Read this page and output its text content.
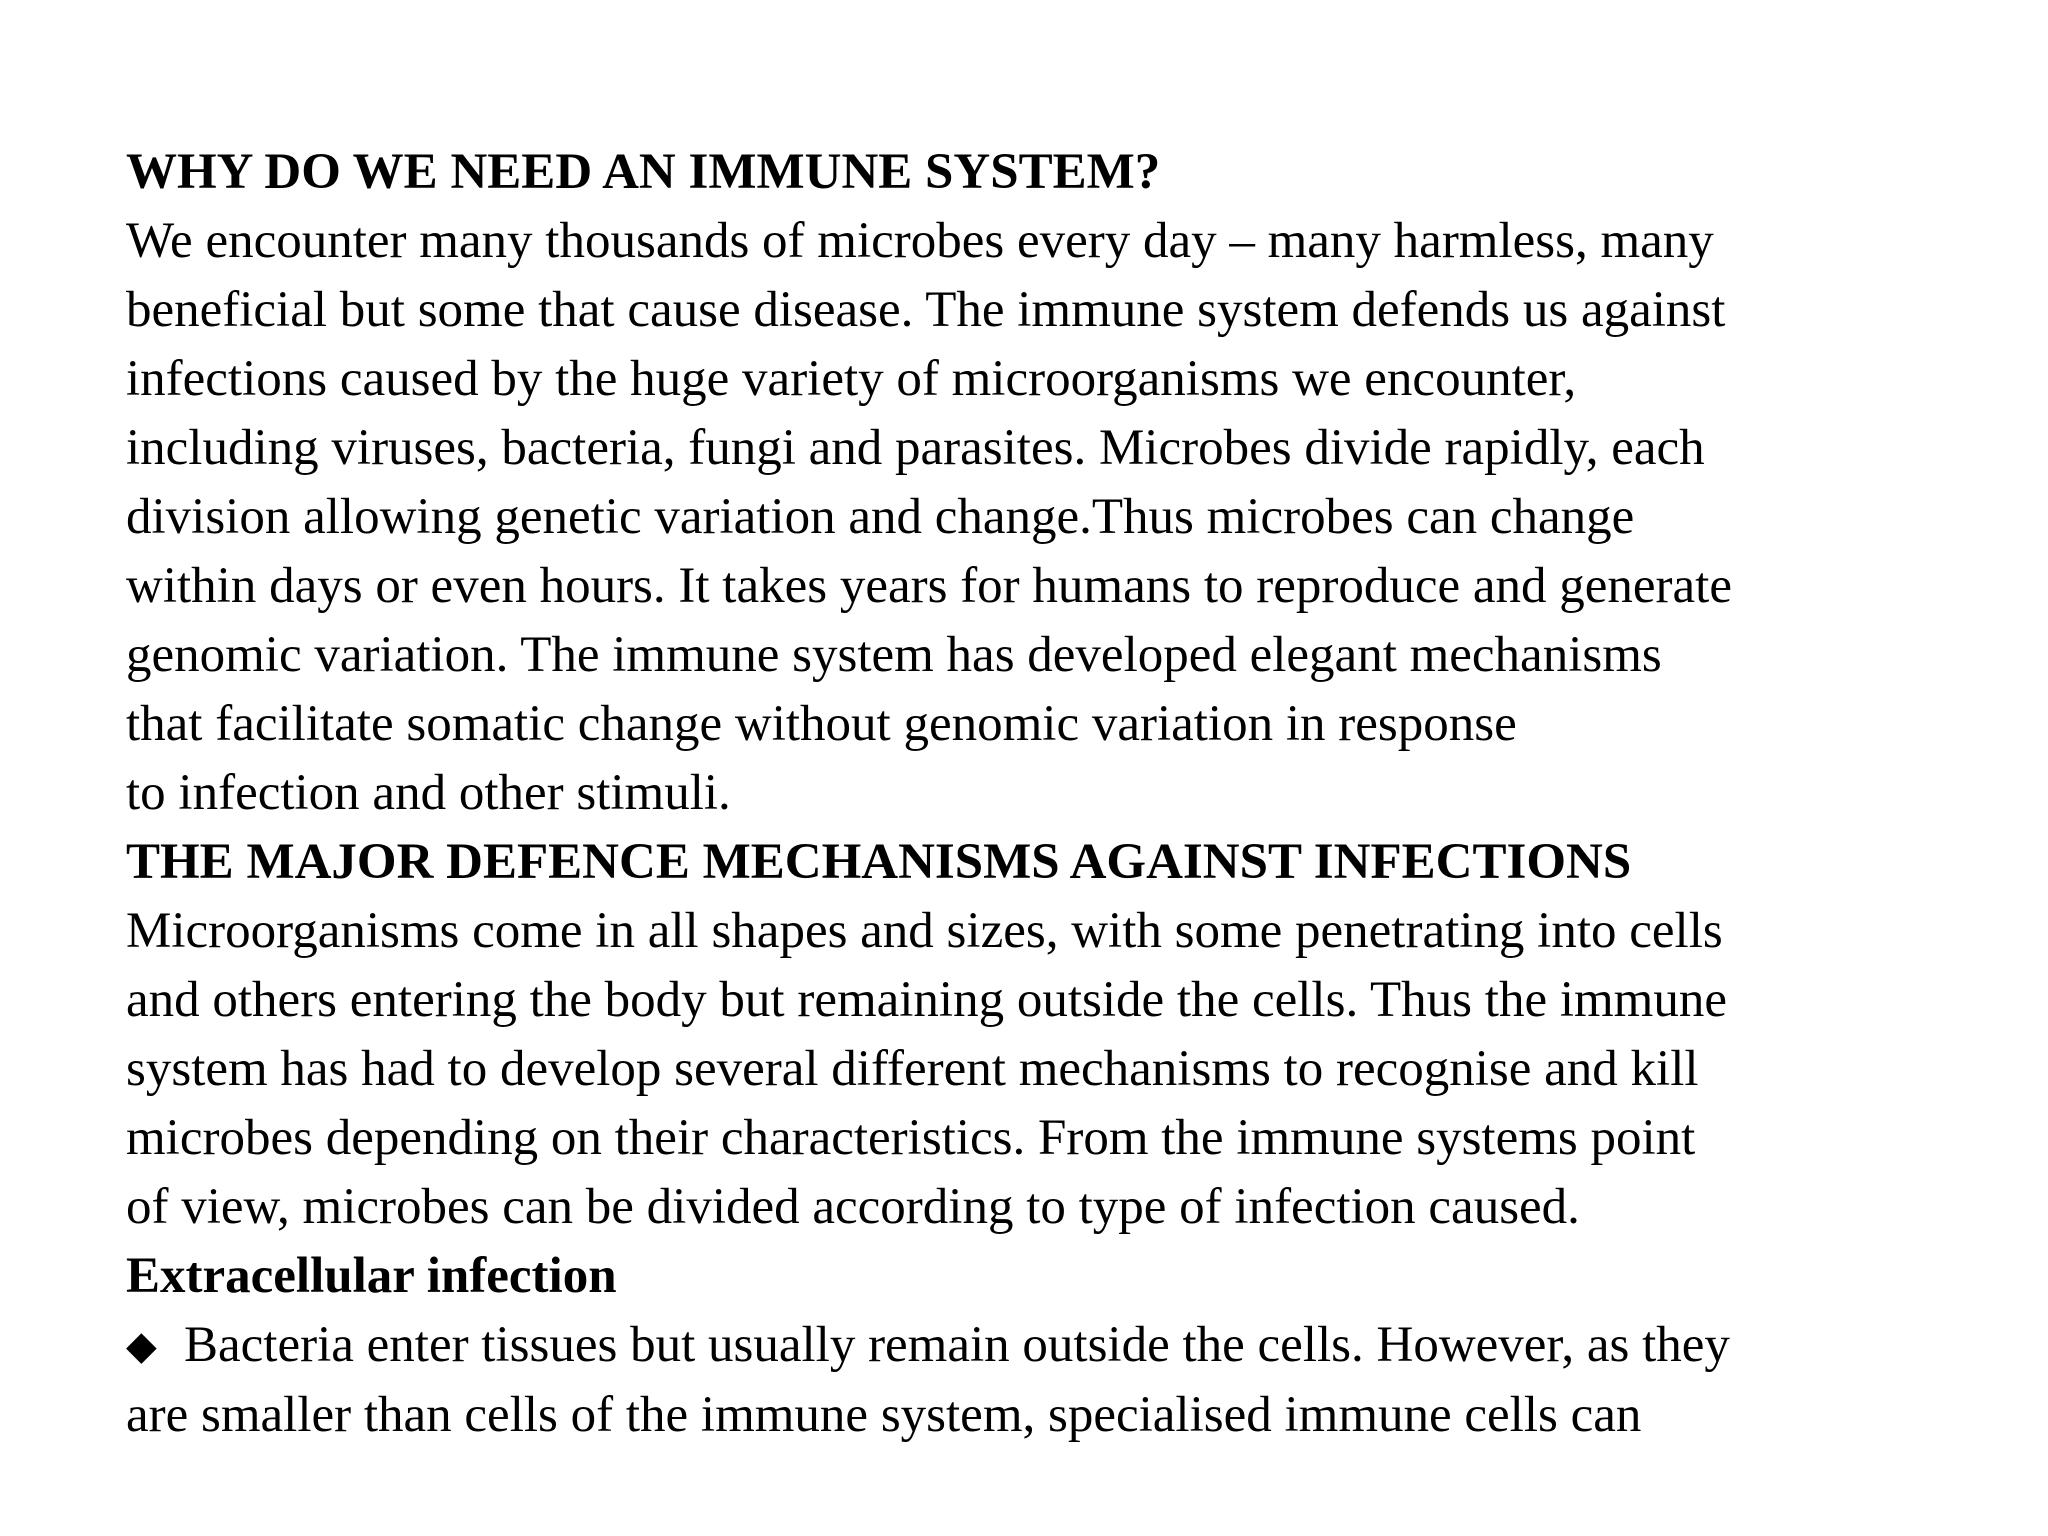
WHY DO WE NEED AN IMMUNE SYSTEM?
We encounter many thousands of microbes every day – many harmless, many
beneficial but some that cause disease. The immune system defends us against
infections caused by the huge variety of microorganisms we encounter,
including viruses, bacteria, fungi and parasites. Microbes divide rapidly, each
division allowing genetic variation and change.Thus microbes can change
within days or even hours. It takes years for humans to reproduce and generate
genomic variation. The immune system has developed elegant mechanisms
that facilitate somatic change without genomic variation in response
to infection and other stimuli.
THE MAJOR DEFENCE MECHANISMS AGAINST INFECTIONS
Microorganisms come in all shapes and sizes, with some penetrating into cells
and others entering the body but remaining outside the cells. Thus the immune
system has had to develop several different mechanisms to recognise and kill
microbes depending on their characteristics. From the immune systems point
of view, microbes can be divided according to type of infection caused.
Extracellular infection
◆ Bacteria enter tissues but usually remain outside the cells. However, as they
are smaller than cells of the immune system, specialised immune cells can
